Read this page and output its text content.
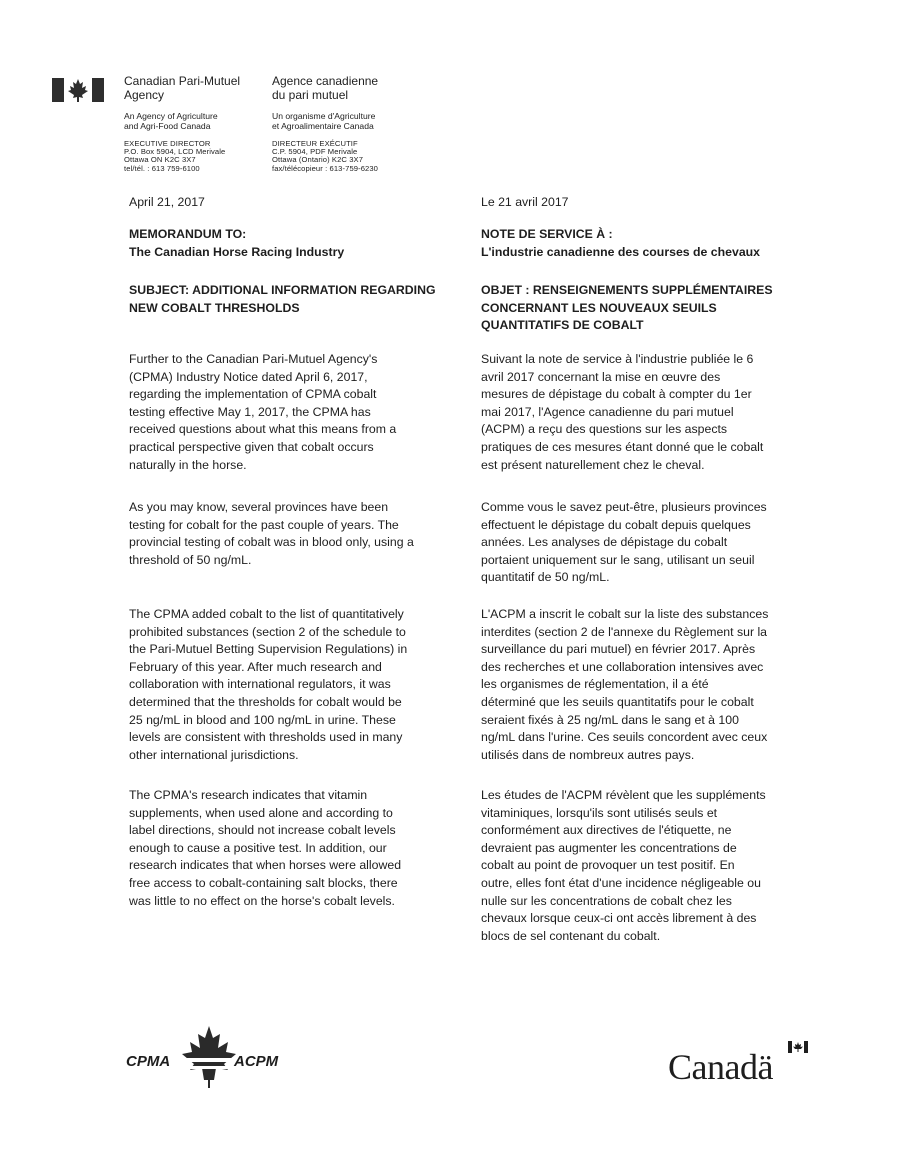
Canadian Pari-Mutuel
Agency
An Agency of Agriculture
and Agri-Food Canada
EXECUTIVE DIRECTOR
P.O. Box 5904, LCD Merivale
Ottawa ON K2C 3X7
tel/tél. : 613 759-6100
Agence canadienne
du pari mutuel
Un organisme d'Agriculture
et Agroalimentaire Canada
DIRECTEUR EXÉCUTIF
C.P. 5904, PDF Merivale
Ottawa (Ontario) K2C 3X7
fax/télécopieur : 613-759-6230
April 21, 2017	Le 21 avril 2017
MEMORANDUM TO:
The Canadian Horse Racing Industry
SUBJECT: ADDITIONAL INFORMATION REGARDING
NEW COBALT THRESHOLDS
Further to the Canadian Pari-Mutuel Agency's
(CPMA) Industry Notice dated April 6, 2017,
regarding the implementation of CPMA cobalt
testing effective May 1, 2017, the CPMA has
received questions about what this means from a
practical perspective given that cobalt occurs
naturally in the horse.
As you may know, several provinces have been
testing for cobalt for the past couple of years. The
provincial testing of cobalt was in blood only, using a
threshold of 50 ng/mL.
The CPMA added cobalt to the list of quantitatively
prohibited substances (section 2 of the schedule to
the Pari-Mutuel Betting Supervision Regulations) in
February of this year. After much research and
collaboration with international regulators, it was
determined that the thresholds for cobalt would be
25 ng/mL in blood and 100 ng/mL in urine. These
levels are consistent with thresholds used in many
other international jurisdictions.
The CPMA's research indicates that vitamin
supplements, when used alone and according to
label directions, should not increase cobalt levels
enough to cause a positive test. In addition, our
research indicates that when horses were allowed
free access to cobalt-containing salt blocks, there
was little to no effect on the horse's cobalt levels.
NOTE DE SERVICE À :
L'industrie canadienne des courses de chevaux
OBJET : RENSEIGNEMENTS SUPPLÉMENTAIRES
CONCERNANT LES NOUVEAUX SEUILS
QUANTITATIFS DE COBALT
Suivant la note de service à l'industrie publiée le 6
avril 2017 concernant la mise en œuvre des
mesures de dépistage du cobalt à compter du 1er
mai 2017, l'Agence canadienne du pari mutuel
(ACPM) a reçu des questions sur les aspects
pratiques de ces mesures étant donné que le cobalt
est présent naturellement chez le cheval.
Comme vous le savez peut-être, plusieurs provinces
effectuent le dépistage du cobalt depuis quelques
années. Les analyses de dépistage du cobalt
portaient uniquement sur le sang, utilisant un seuil
quantitatif de 50 ng/mL.
L'ACPM a inscrit le cobalt sur la liste des substances
interdites (section 2 de l'annexe du Règlement sur la
surveillance du pari mutuel) en février 2017. Après
des recherches et une collaboration intensives avec
les organismes de réglementation, il a été
déterminé que les seuils quantitatifs pour le cobalt
seraient fixés à 25 ng/mL dans le sang et à 100
ng/mL dans l'urine. Ces seuils concordent avec ceux
utilisés dans de nombreux autres pays.
Les études de l'ACPM révèlent que les suppléments
vitaminiques, lorsqu'ils sont utilisés seuls et
conformément aux directives de l'étiquette, ne
devraient pas augmenter les concentrations de
cobalt au point de provoquer un test positif. En
outre, elles font état d'une incidence négligeable ou
nulle sur les concentrations de cobalt chez les
chevaux lorsque ceux-ci ont accès librement à des
blocs de sel contenant du cobalt.
CPMA	ACPM	Canadä
